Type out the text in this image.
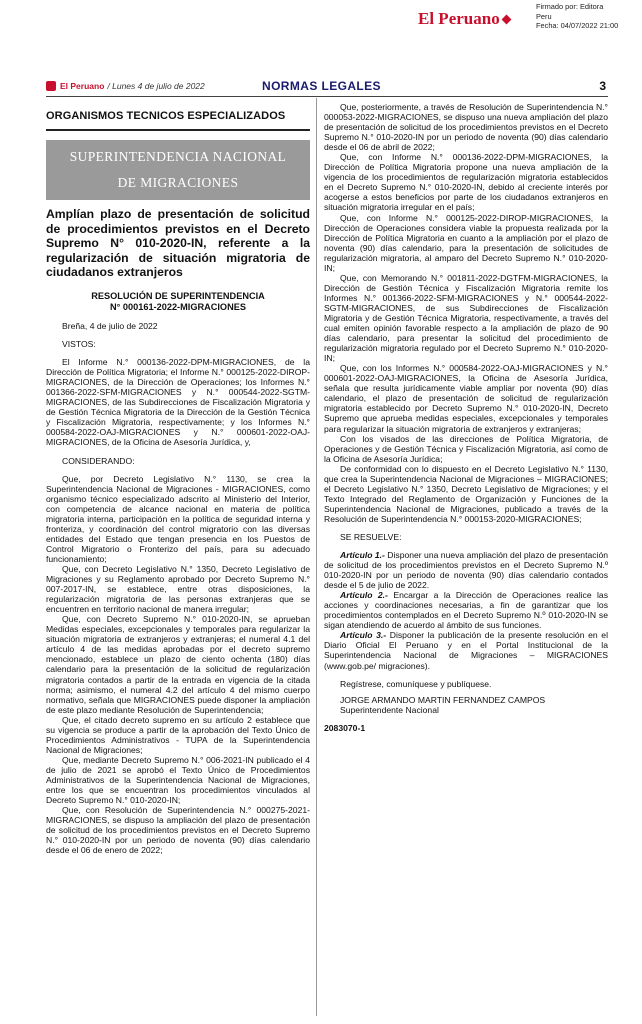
El Peruano
Firmado por: Editora
Peru
Fecha: 04/07/2022 21:00
El Peruano / Lunes 4 de julio de 2022	NORMAS LEGALES	3
ORGANISMOS TECNICOS ESPECIALIZADOS
SUPERINTENDENCIA NACIONAL
DE MIGRACIONES
Amplían plazo de presentación de solicitud de procedimientos previstos en el Decreto Supremo N° 010-2020-IN, referente a la regularización de situación migratoria de ciudadanos extranjeros
RESOLUCIÓN DE SUPERINTENDENCIA
N° 000161-2022-MIGRACIONES

Breña, 4 de julio de 2022

VISTOS:

El Informe N.° 000136-2022-DPM-MIGRACIONES, de la Dirección de Política Migratoria; el Informe N.° 000125-2022-DIROP-MIGRACIONES, de la Dirección de Operaciones; los Informes N.° 001366-2022-SFM-MIGRACIONES y N.° 000544-2022-SGTM-MIGRACIONES, de las Subdirecciones de Fiscalización Migratoria y de Gestión Técnica Migratoria de la Dirección de la Gestión Técnica y Fiscalización Migratoria, respectivamente; y los Informes N.° 000584-2022-OAJ-MIGRACIONES y N.° 000601-2022-OAJ-MIGRACIONES, de la Oficina de Asesoría Jurídica, y,

CONSIDERANDO:

Que, por Decreto Legislativo N.° 1130, se crea la Superintendencia Nacional de Migraciones - MIGRACIONES, como organismo técnico especializado adscrito al Ministerio del Interior, con competencia de alcance nacional en materia de política migratoria interna, participación en la política de seguridad interna y fronteriza, y coordinación del control migratorio con las diversas entidades del Estado que tengan presencia en los Puestos de Control Migratorio o Fronterizo del país, para su adecuado funcionamiento;

Que, con Decreto Legislativo N.° 1350, Decreto Legislativo de Migraciones y su Reglamento aprobado por Decreto Supremo N.° 007-2017-IN, se establece, entre otras disposiciones, la regularización migratoria de las personas extranjeras que se encuentren en territorio nacional de manera irregular;

Que, con Decreto Supremo N.° 010-2020-IN, se aprueban Medidas especiales, excepcionales y temporales para regularizar la situación migratoria de extranjeros y extranjeras; el numeral 4.1 del artículo 4 de las medidas aprobadas por el decreto supremo mencionado, establece un plazo de ciento ochenta (180) días calendario para la presentación de la solicitud de regularización migratoria contados a partir de la entrada en vigencia de la citada norma; asimismo, el numeral 4.2 del artículo 4 del mismo cuerpo normativo, señala que MIGRACIONES puede disponer la ampliación de este plazo mediante Resolución de Superintendencia;

Que, el citado decreto supremo en su artículo 2 establece que su vigencia se produce a partir de la aprobación del Texto Único de Procedimientos Administrativos - TUPA de la Superintendencia Nacional de Migraciones;

Que, mediante Decreto Supremo N.° 006-2021-IN publicado el 4 de julio de 2021 se aprobó el Texto Único de Procedimientos Administrativos de la Superintendencia Nacional de Migraciones, entre los que se encuentran los procedimientos vinculados al Decreto Supremo N.° 010-2020-IN;

Que, con Resolución de Superintendencia N.° 000275-2021-MIGRACIONES, se dispuso la ampliación del plazo de presentación de solicitud de los procedimientos previstos en el Decreto Supremo N.° 010-2020-IN por un periodo de noventa (90) días calendario desde el 06 de enero de 2022;

Que, posteriormente, a través de Resolución de Superintendencia N.° 000053-2022-MIGRACIONES, se dispuso una nueva ampliación del plazo de presentación de solicitud de los procedimientos previstos en el Decreto Supremo N.° 010-2020-IN por un periodo de noventa (90) días calendario desde el 06 de abril de 2022;

Que, con Informe N.° 000136-2022-DPM-MIGRACIONES, la Dirección de Política Migratoria propone una nueva ampliación de la vigencia de los procedimientos de regularización migratoria establecidos en el Decreto Supremo N.° 010-2020-IN, debido al creciente interés por acogerse a estos beneficios por parte de los ciudadanos extranjeros en situación migratoria irregular en el país;

Que, con Informe N.° 000125-2022-DIROP-MIGRACIONES, la Dirección de Operaciones considera viable la propuesta realizada por la Dirección de Política Migratoria en cuanto a la ampliación por el plazo de noventa (90) días calendario, para la presentación de solicitudes de regularización migratoria, al amparo del Decreto Supremo N.° 010-2020-IN;

Que, con Memorando N.° 001811-2022-DGTFM-MIGRACIONES, la Dirección de Gestión Técnica y Fiscalización Migratoria remite los Informes N.° 001366-2022-SFM-MIGRACIONES y N.° 000544-2022-SGTM-MIGRACIONES, de sus Subdirecciones de Fiscalización Migratoria y de Gestión Técnica Migratoria, respectivamente, a través del cual emiten opinión favorable respecto a la ampliación de plazo de 90 días calendario, para presentar la solicitud del procedimiento de regularización migratoria regulado por el Decreto Supremo N.° 010-2020-IN;

Que, con los Informes N.° 000584-2022-OAJ-MIGRACIONES y N.° 000601-2022-OAJ-MIGRACIONES, la Oficina de Asesoría Jurídica, señala que resulta jurídicamente viable ampliar por noventa (90) días calendario, el plazo de presentación de solicitud de regularización migratoria establecido por Decreto Supremo N.° 010-2020-IN, Decreto Supremo que aprueba medidas especiales, excepcionales y temporales para regularizar la situación migratoria de extranjeros y extranjeras;

Con los visados de las direcciones de Política Migratoria, de Operaciones y de Gestión Técnica y Fiscalización Migratoria, así como de la Oficina de Asesoría Jurídica;

De conformidad con lo dispuesto en el Decreto Legislativo N.° 1130, que crea la Superintendencia Nacional de Migraciones – MIGRACIONES; el Decreto Legislativo N.° 1350, Decreto Legislativo de Migraciones; y el Texto Integrado del Reglamento de Organización y Funciones de la Superintendencia Nacional de Migraciones, publicado a través de la Resolución de Superintendencia N.° 000153-2020-MIGRACIONES;

SE RESUELVE:

Artículo 1.- Disponer una nueva ampliación del plazo de presentación de solicitud de los procedimientos previstos en el Decreto Supremo N.º 010-2020-IN por un periodo de noventa (90) días calendario contados desde el 5 de julio de 2022.

Artículo 2.- Encargar a la Dirección de Operaciones realice las acciones y coordinaciones necesarias, a fin de garantizar que los procedimientos contemplados en el Decreto Supremo N.º 010-2020-IN se sigan atendiendo de acuerdo al ámbito de sus funciones.

Artículo 3.- Disponer la publicación de la presente resolución en el Diario Oficial El Peruano y en el Portal Institucional de la Superintendencia Nacional de Migraciones – MIGRACIONES (www.gob.pe/ migraciones).

Regístrese, comuníquese y publíquese.

JORGE ARMANDO MARTIN FERNANDEZ CAMPOS

Superintendente Nacional

2083070-1
